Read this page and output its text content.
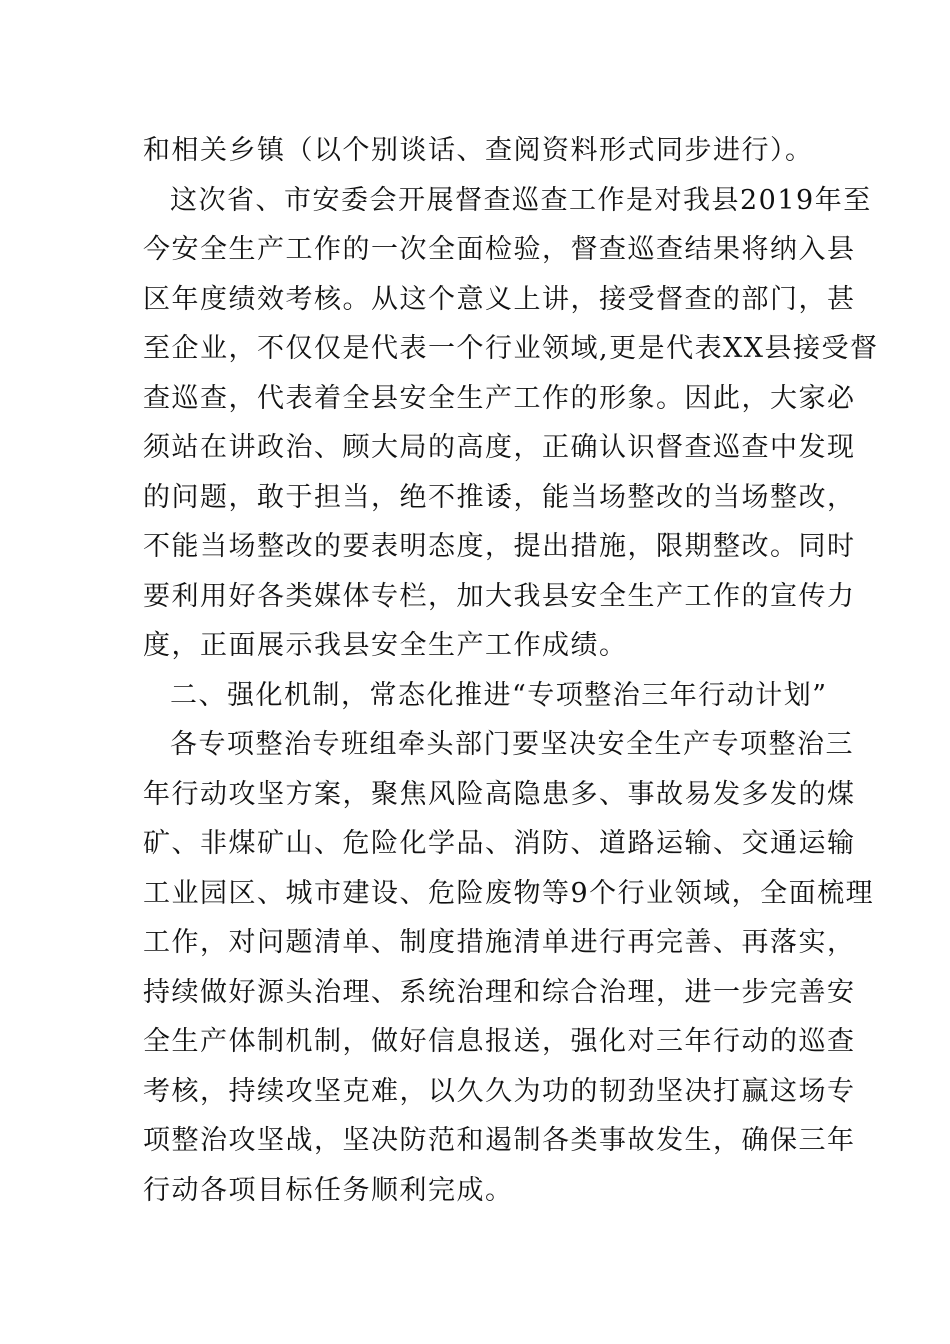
和相关乡镇（以个别谈话、查阅资料形式同步进行）。
这次省、市安委会开展督查巡查工作是对我县2019年至
今安全生产工作的一次全面检验，督查巡查结果将纳入县
区年度绩效考核。从这个意义上讲，接受督查的部门，甚
至企业，不仅仅是代表一个行业领域,更是代表XX县接受督
查巡查，代表着全县安全生产工作的形象。因此，大家必
须站在讲政治、顾大局的高度，正确认识督查巡查中发现
的问题，敢于担当，绝不推诿，能当场整改的当场整改，
不能当场整改的要表明态度，提出措施，限期整改。同时
要利用好各类媒体专栏，加大我县安全生产工作的宣传力
度，正面展示我县安全生产工作成绩。
二、强化机制，常态化推进“专项整治三年行动计划”
各专项整治专班组牵头部门要坚决安全生产专项整治三
年行动攻坚方案，聚焦风险高隐患多、事故易发多发的煤
矿、非煤矿山、危险化学品、消防、道路运输、交通运输
工业园区、城市建设、危险废物等9个行业领域，全面梳理
工作，对问题清单、制度措施清单进行再完善、再落实，
持续做好源头治理、系统治理和综合治理，进一步完善安
全生产体制机制，做好信息报送，强化对三年行动的巡查
考核，持续攻坚克难，以久久为功的韧劲坚决打赢这场专
项整治攻坚战，坚决防范和遏制各类事故发生，确保三年
行动各项目标任务顺利完成。
